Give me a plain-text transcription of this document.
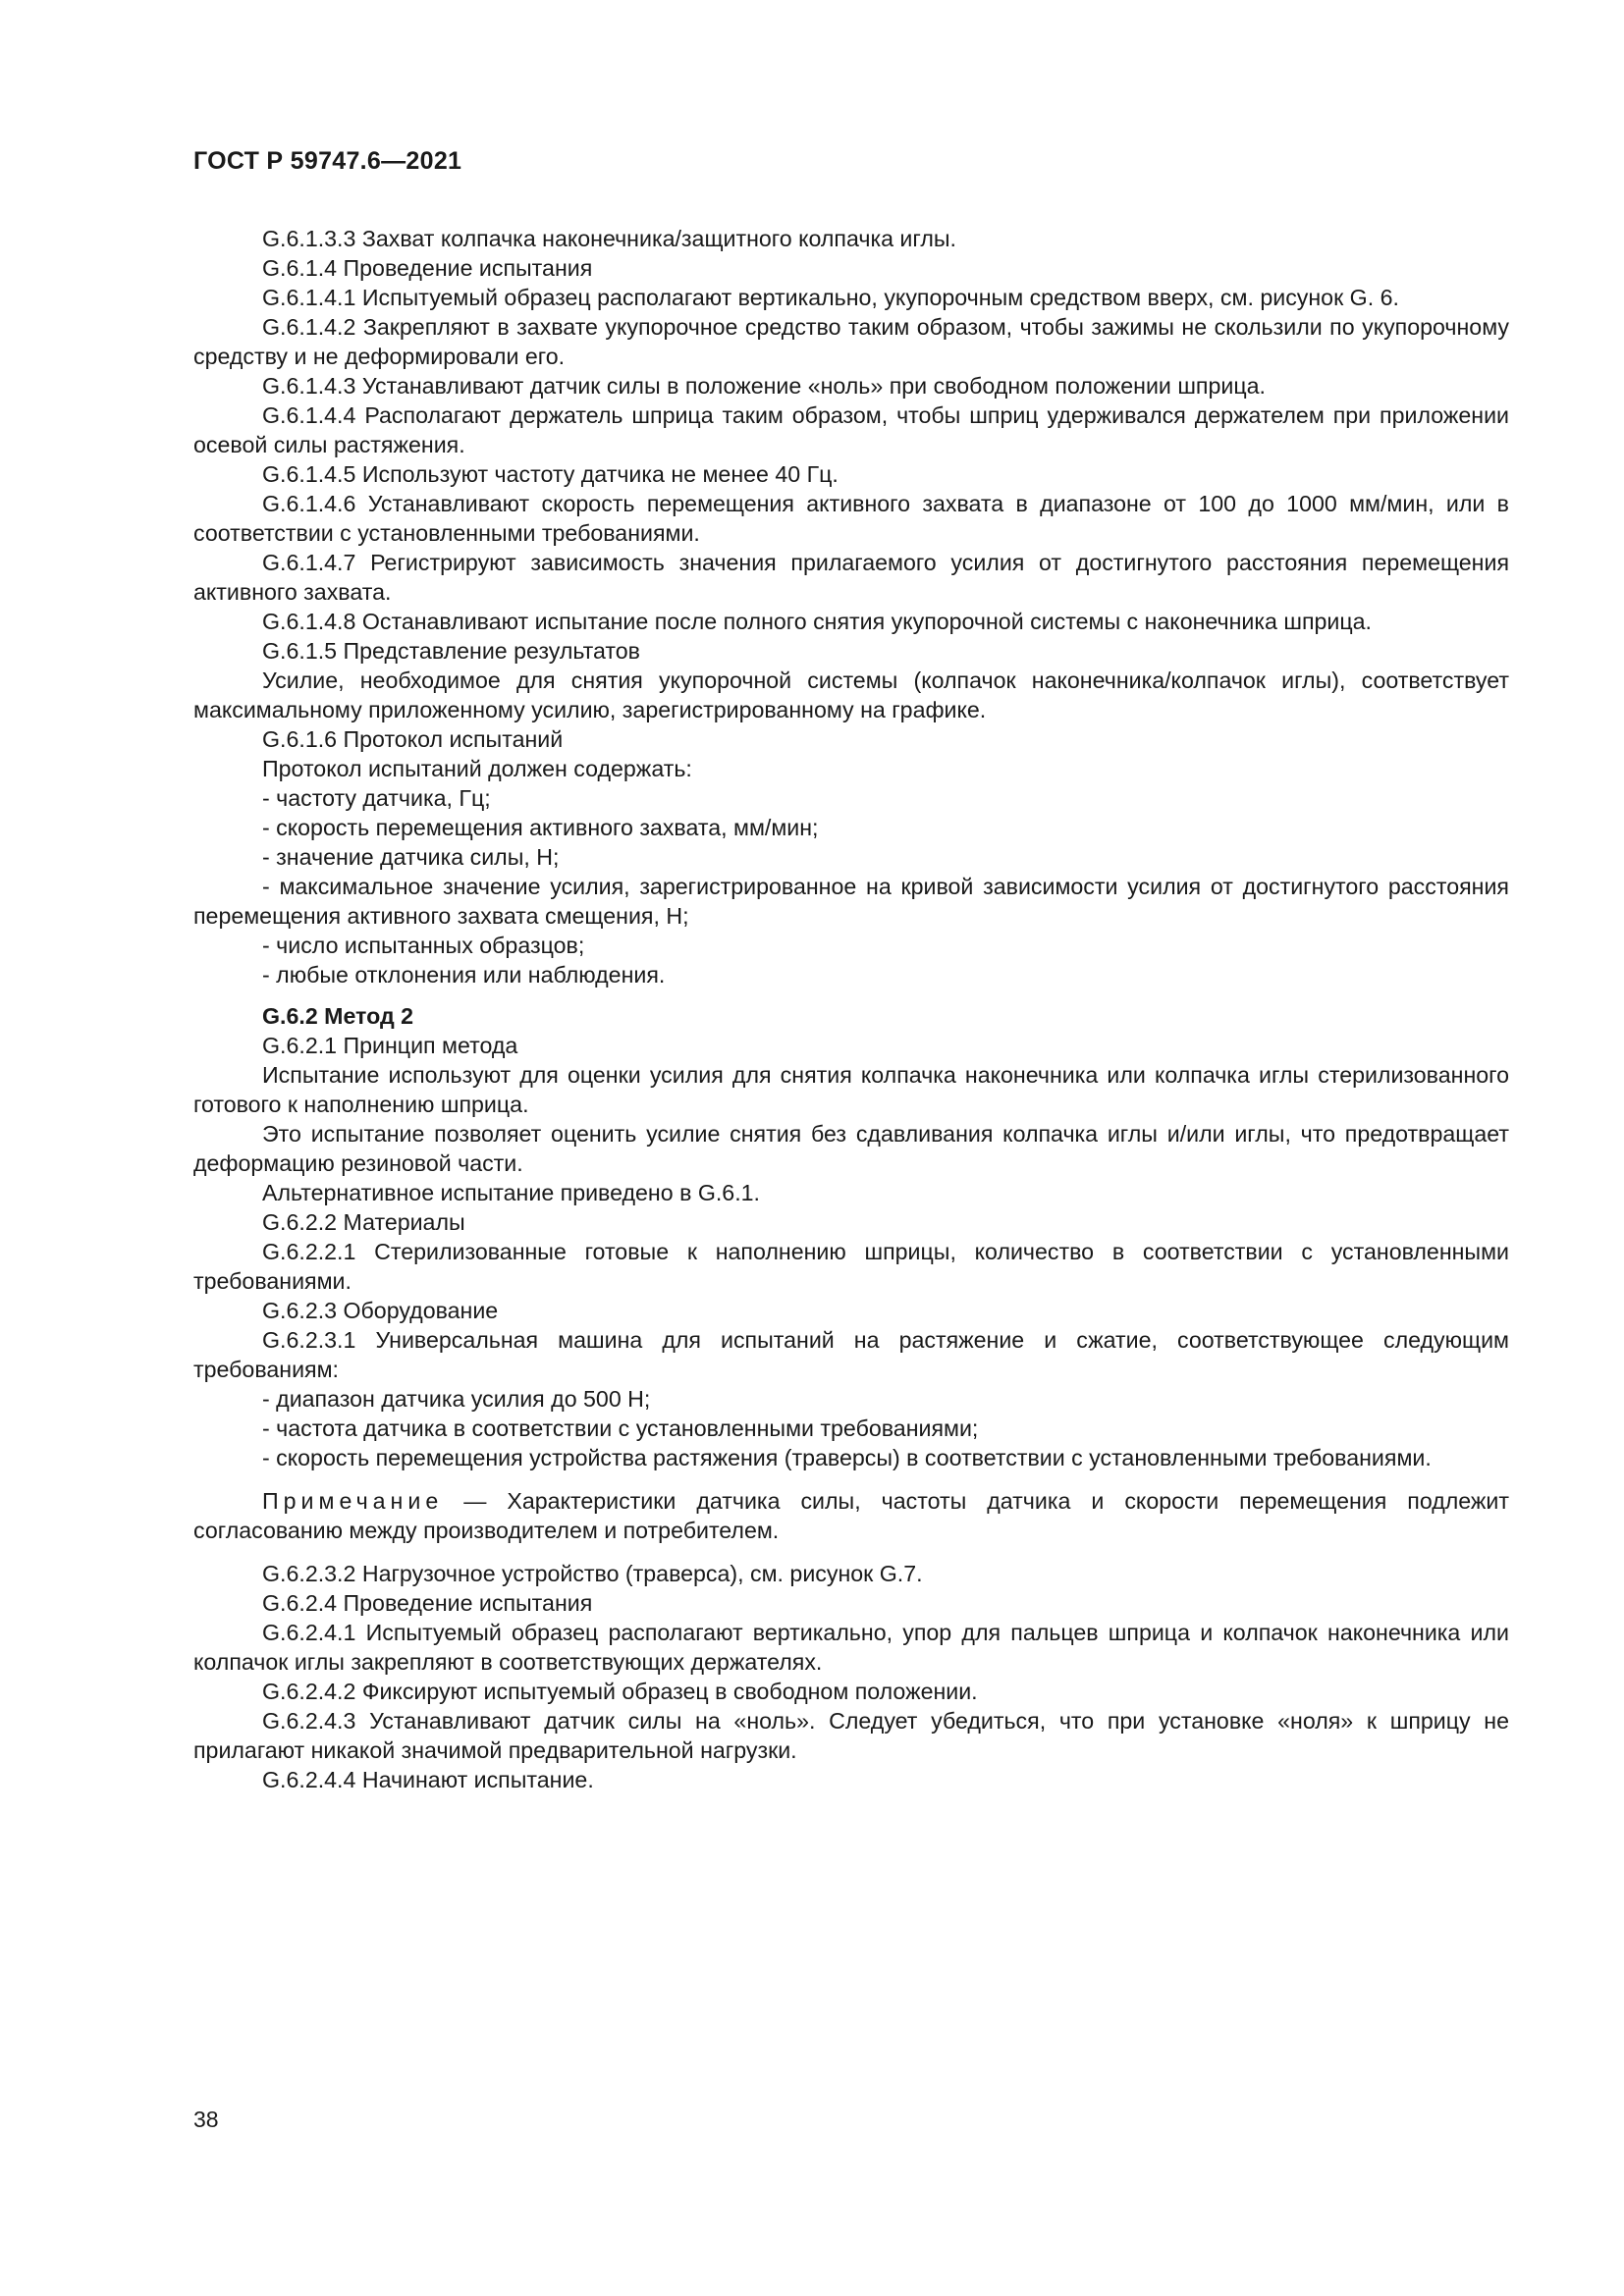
ГОСТ Р 59747.6—2021

G.6.1.3.3 Захват колпачка наконечника/защитного колпачка иглы.

G.6.1.4 Проведение испытания

G.6.1.4.1 Испытуемый образец располагают вертикально, укупорочным средством вверх, см. рисунок G. 6.

G.6.1.4.2 Закрепляют в захвате укупорочное средство таким образом, чтобы зажимы не скользили по укупорочному средству и не деформировали его.

G.6.1.4.3 Устанавливают датчик силы в положение «ноль» при свободном положении шприца.

G.6.1.4.4 Располагают держатель шприца таким образом, чтобы шприц удерживался держателем при приложении осевой силы растяжения.

G.6.1.4.5 Используют частоту датчика не менее 40 Гц.

G.6.1.4.6 Устанавливают скорость перемещения активного захвата в диапазоне от 100 до 1000 мм/мин, или в соответствии с установленными требованиями.

G.6.1.4.7 Регистрируют зависимость значения прилагаемого усилия от достигнутого расстояния перемещения активного захвата.

G.6.1.4.8 Останавливают испытание после полного снятия укупорочной системы с наконечника шприца.

G.6.1.5 Представление результатов

Усилие, необходимое для снятия укупорочной системы (колпачок наконечника/колпачок иглы), соответствует максимальному приложенному усилию, зарегистрированному на графике.

G.6.1.6 Протокол испытаний

Протокол испытаний должен содержать:

- частоту датчика, Гц;

- скорость перемещения активного захвата, мм/мин;

- значение датчика силы, Н;

- максимальное значение усилия, зарегистрированное на кривой зависимости усилия от достигнутого расстояния перемещения активного захвата смещения, Н;

- число испытанных образцов;

- любые отклонения или наблюдения.

G.6.2 Метод 2

G.6.2.1 Принцип метода

Испытание используют для оценки усилия для снятия колпачка наконечника или колпачка иглы стерилизованного готового к наполнению шприца.

Это испытание позволяет оценить усилие снятия без сдавливания колпачка иглы и/или иглы, что предотвращает деформацию резиновой части.

Альтернативное испытание приведено в G.6.1.

G.6.2.2 Материалы

G.6.2.2.1 Стерилизованные готовые к наполнению шприцы, количество в соответствии с установленными требованиями.

G.6.2.3 Оборудование

G.6.2.3.1 Универсальная машина для испытаний на растяжение и сжатие, соответствующее следующим требованиям:

- диапазон датчика усилия до 500 Н;

- частота датчика в соответствии с установленными требованиями;

- скорость перемещения устройства растяжения (траверсы) в соответствии с установленными требованиями.

Примечание — Характеристики датчика силы, частоты датчика и скорости перемещения подлежит согласованию между производителем и потребителем.

G.6.2.3.2 Нагрузочное устройство (траверса), см. рисунок G.7.

G.6.2.4 Проведение испытания

G.6.2.4.1 Испытуемый образец располагают вертикально, упор для пальцев шприца и колпачок наконечника или колпачок иглы закрепляют в соответствующих держателях.

G.6.2.4.2 Фиксируют испытуемый образец в свободном положении.

G.6.2.4.3 Устанавливают датчик силы на «ноль». Следует убедиться, что при установке «ноля» к шприцу не прилагают никакой значимой предварительной нагрузки.

G.6.2.4.4 Начинают испытание.

38
